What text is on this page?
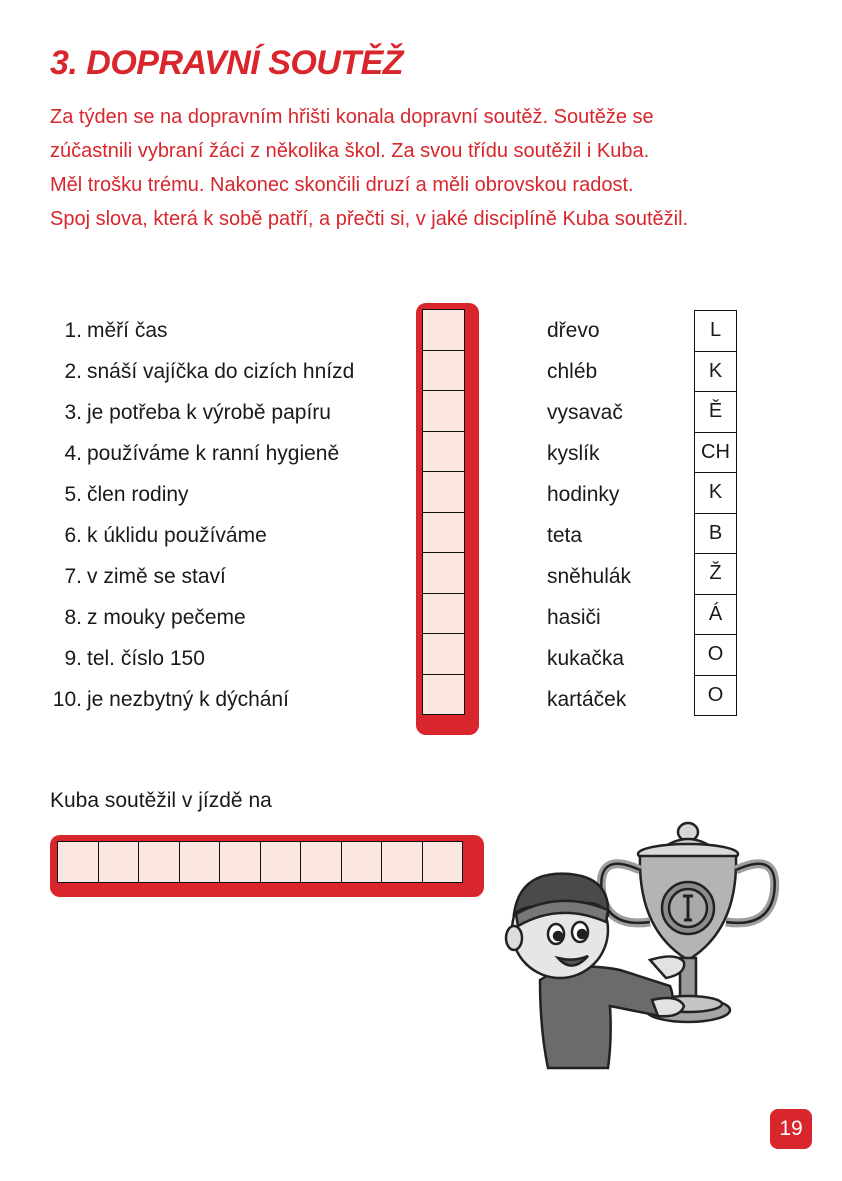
3. DOPRAVNÍ SOUTĚŽ
Za týden se na dopravním hřišti konala dopravní soutěž. Soutěže se
zúčastnili vybraní žáci z několika škol. Za svou třídu soutěžil i Kuba.
Měl trošku trému. Nakonec skončili druzí a měli obrovskou radost.
Spoj slova, která k sobě patří, a přečti si, v jaké disciplíně Kuba soutěžil.
1. měří čas
2. snáší vajíčka do cizích hnízd
3. je potřeba k výrobě papíru
4. používáme k ranní hygieně
5. člen rodiny
6. k úklidu používáme
7. v zimě se staví
8. z mouky pečeme
9. tel. číslo 150
10. je nezbytný k dýchání
dřevo
chléb
vysavač
kyslík
hodinky
teta
sněhulák
hasiči
kukačka
kartáček
L
K
Ě
CH
K
B
Ž
Á
O
O
Kuba soutěžil v jízdě na
19
